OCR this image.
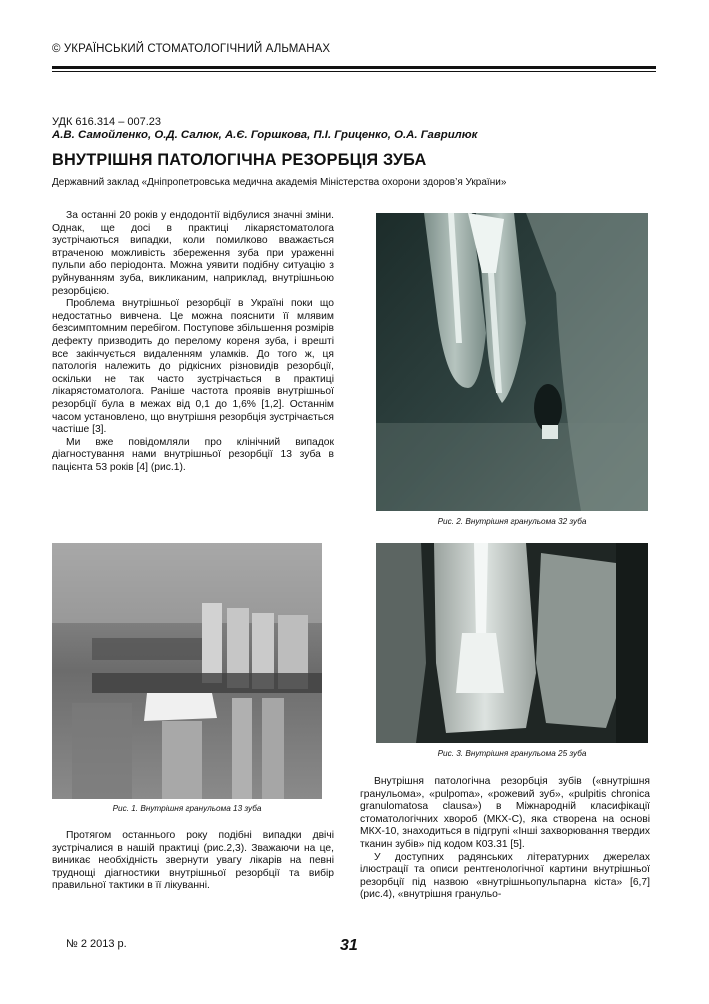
© УКРАЇНСЬКИЙ СТОМАТОЛОГІЧНИЙ АЛЬМАНАХ
УДК 616.314 – 007.23
А.В. Самойленко, О.Д. Салюк, А.Є. Горшкова, П.І. Гриценко, О.А. Гаврилюк
ВНУТРІШНЯ ПАТОЛОГІЧНА РЕЗОРБЦІЯ ЗУБА
Державний заклад «Дніпропетровська медична академія Міністерства охорони здоров’я України»

За останні 20 років у ендодонтії відбулися значні зміни. Однак, ще досі в практиці лікарястоматолога зустрічаються випадки, коли помилково вважається втраченою можливість збереження зуба при ураженні пульпи або періодонта. Можна уявити подібну ситуацію з руйнуванням зуба, викликаним, наприклад, внутрішньою резорбцією.

Проблема внутрішньої резорбції в Україні поки що недостатньо вивчена. Це можна пояснити її млявим безсимптомним перебігом. Поступове збільшення розмірів дефекту призводить до перелому кореня зуба, і врешті все закінчується видаленням уламків. До того ж, ця патологія належить до рідкісних різновидів резорбції, оскільки не так часто зустрічається в практиці лікарястоматолога. Раніше частота проявів внутрішньої резорбції була в межах від 0,1 до 1,6% [1,2]. Останнім часом установлено, що внутрішня резорбція зустрічається частіше [3].

Ми вже повідомляли про клінічний випадок діагностування нами внутрішньої резорбції 13 зуба в пацієнта 53 років [4] (рис.1).

Рис. 2. Внутрішня гранульома 32 зуба
Рис. 1. Внутрішня гранульома 13 зуба
Рис. 3. Внутрішня гранульома 25 зуба

Протягом останнього року подібні випадки двічі зустрічалися в нашій практиці (рис.2,3). Зважаючи на це, виникає необхідність звернути увагу лікарів на певні труднощі діагностики внутрішньої резорбції та вибір правильної тактики в її лікуванні.

Внутрішня патологічна резорбція зубів («внутрішня гранульома», «pulpoma», «рожевий зуб», «pulpitis chronica granulomatosa clausa») в Міжнародній класифікації стоматологічних хвороб (МКХ-С), яка створена на основі МКХ-10, знаходиться в підгрупі «Інші захворювання твердих тканин зубів» під кодом К03.31 [5].

У доступних радянських літературних джерелах ілюстрації та описи рентгенологічної картини внутрішньої резорбції під назвою «внутрішньопульпарна кіста» [6,7] (рис.4), «внутрішня гранульо-

№ 2 2013 р.	31
